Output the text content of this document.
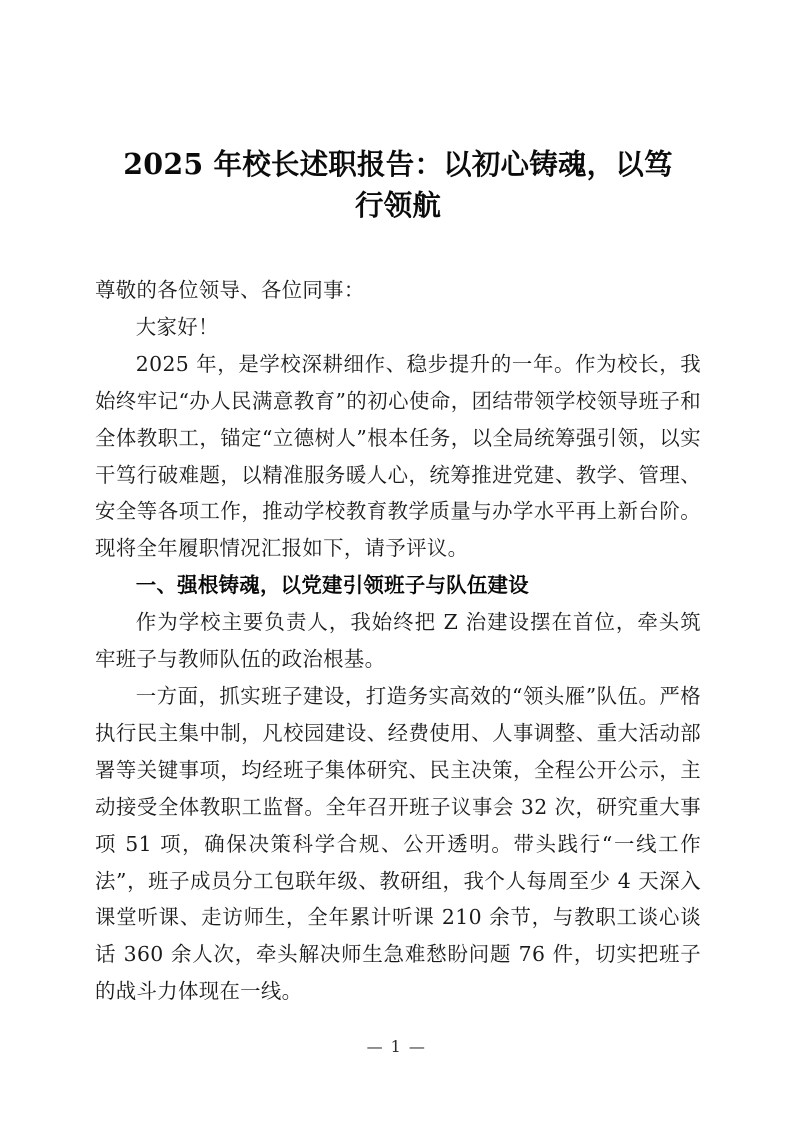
2025 年校长述职报告：以初心铸魂，以笃
行领航

尊敬的各位领导、各位同事：

大家好！

2025 年，是学校深耕细作、稳步提升的一年。作为校长，我始终牢记“办人民满意教育”的初心使命，团结带领学校领导班子和全体教职工，锚定“立德树人”根本任务，以全局统筹强引领，以实干笃行破难题，以精准服务暖人心，统筹推进党建、教学、管理、安全等各项工作，推动学校教育教学质量与办学水平再上新台阶。现将全年履职情况汇报如下，请予评议。

一、强根铸魂，以党建引领班子与队伍建设

作为学校主要负责人，我始终把 Z 治建设摆在首位，牵头筑牢班子与教师队伍的政治根基。

一方面，抓实班子建设，打造务实高效的“领头雁”队伍。严格执行民主集中制，凡校园建设、经费使用、人事调整、重大活动部署等关键事项，均经班子集体研究、民主决策，全程公开公示，主动接受全体教职工监督。全年召开班子议事会 32 次，研究重大事项 51 项，确保决策科学合规、公开透明。带头践行“一线工作法”，班子成员分工包联年级、教研组，我个人每周至少 4 天深入课堂听课、走访师生，全年累计听课 210 余节，与教职工谈心谈话 360 余人次，牵头解决师生急难愁盼问题 76 件，切实把班子的战斗力体现在一线。

— 1 —
